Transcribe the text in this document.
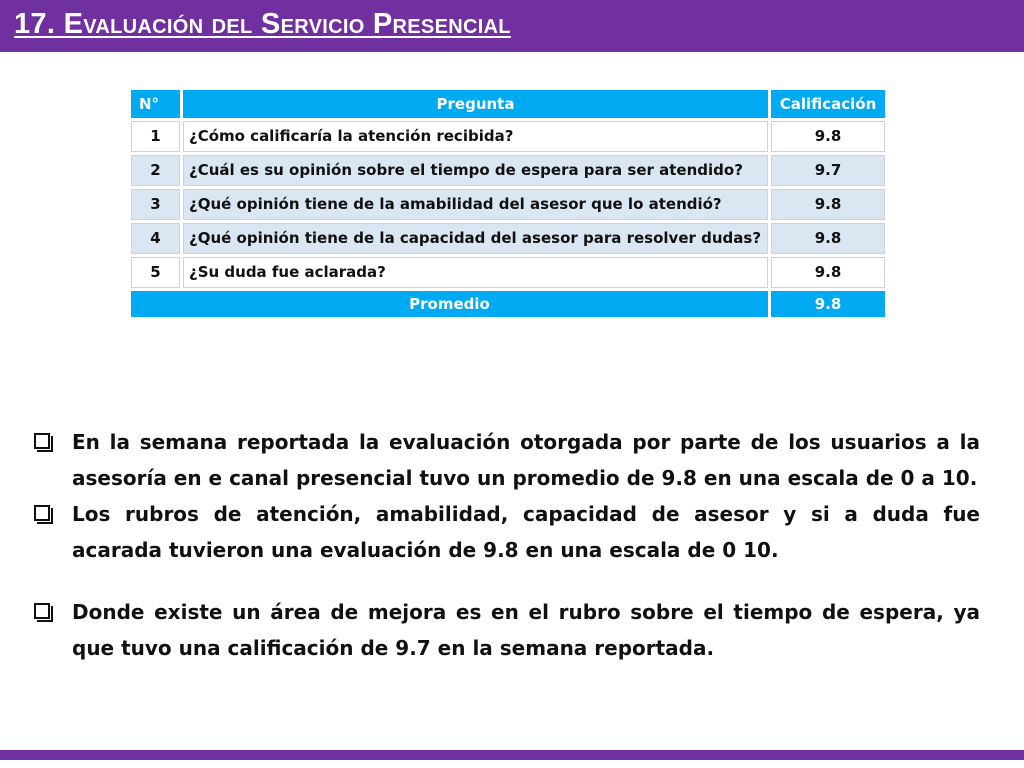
17. Evaluación del Servicio Presencial
N°	Pregunta	Calificación
1	¿Cómo calificaría la atención recibida?	9.8
2	¿Cuál es su opinión sobre el tiempo de espera para ser atendido?	9.7
3	¿Qué opinión tiene de la amabilidad del asesor que lo atendió?	9.8
4	¿Qué opinión tiene de la capacidad del asesor para resolver dudas?	9.8
5	¿Su duda fue aclarada?	9.8
Promedio		9.8
En la semana reportada la evaluación otorgada por parte de los usuarios a la asesoría en e canal presencial tuvo un promedio de 9.8 en una escala de 0 a 10.
Los rubros de atención, amabilidad, capacidad de asesor y si a duda fue acarada tuvieron una evaluación de 9.8 en una escala de 0 10.
Donde existe un área de mejora es en el rubro sobre el tiempo de espera, ya que tuvo una calificación de 9.7 en la semana reportada.
